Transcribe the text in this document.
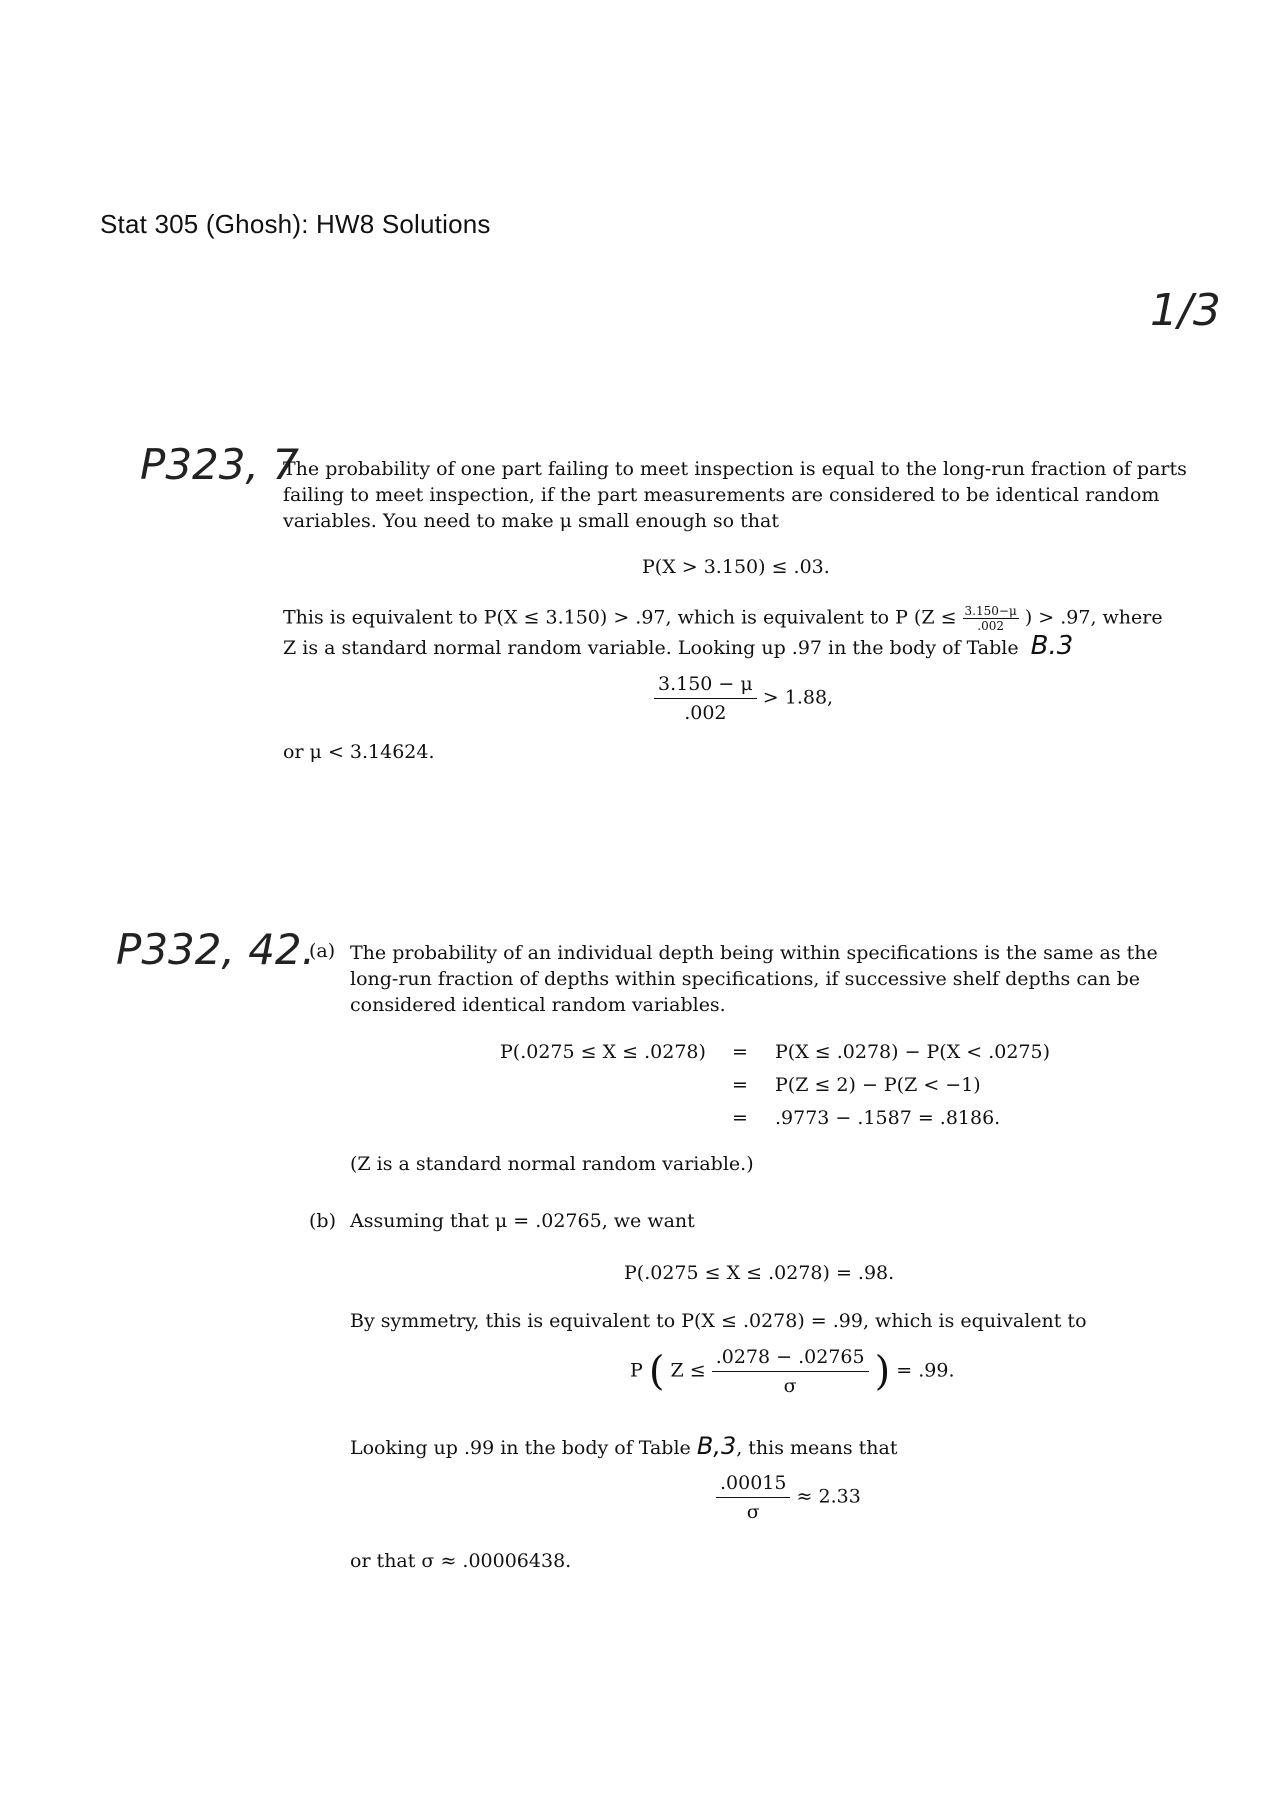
Stat 305 (Ghosh): HW8 Solutions
1/3
P323, 7
The probability of one part failing to meet inspection is equal to the long-run fraction of parts failing to meet inspection, if the part measurements are considered to be identical random variables. You need to make μ small enough so that
P(X > 3.150) ≤ .03.
This is equivalent to P(X ≤ 3.150) > .97, which is equivalent to P ($Z \le \frac{3.150-\mu}{.002}$ ) > .97, where
Z is a standard normal random variable. Looking up .97 in the body of Table B.3
$\frac{3.150 - \mu}{.002} > 1.88$,
or μ < 3.14624.
P332, 42.
(a) The probability of an individual depth being within specifications is the same as the long-run fraction of depths within specifications, if successive shelf depths can be considered identical random variables.
P(.0275 ≤ X ≤ .0278) = P(X ≤ .0278) − P(X < .0275)
= P(Z ≤ 2) − P(Z < −1)
= .9773 − .1587 = .8186.
(Z is a standard normal random variable.)
(b) Assuming that μ = .02765, we want
P(.0275 ≤ X ≤ .0278) = .98.
By symmetry, this is equivalent to P(X ≤ .0278) = .99, which is equivalent to
P ( $Z \le \frac{.0278 - .02765}{\sigma}$ ) = .99.
Looking up .99 in the body of Table B,3, this means that
$\frac{.00015}{\sigma} \approx 2.33$
or that σ ≈ .00006438.
